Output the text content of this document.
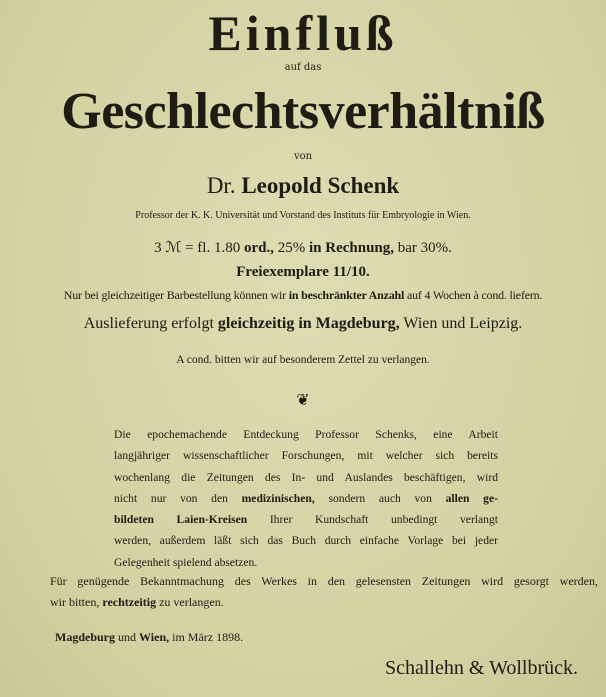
Einfluß
auf das
Geschlechtsverhältniß
von
Dr. Leopold Schenk
Professor der K. K. Universität und Vorstand des Instituts für Embryologie in Wien.
3 ℳ = fl. 1.80 ord., 25% in Rechnung, bar 30%.
Freiexemplare 11/10.
Nur bei gleichzeitiger Barbestellung können wir in beschränkter Anzahl auf 4 Wochen à cond. liefern.
Auslieferung erfolgt gleichzeitig in Magdeburg, Wien und Leipzig.
A cond. bitten wir auf besonderem Zettel zu verlangen.
❦
Die epochemachende Entdeckung Professor Schenks, eine Arbeit
langjähriger wissenschaftlicher Forschungen, mit welcher sich bereits
wochenlang die Zeitungen des In- und Auslandes beschäftigen, wird
nicht nur von den medizinischen, sondern auch von allen ge-
bildeten Laien-Kreisen Ihrer Kundschaft unbedingt verlangt
werden, außerdem läßt sich das Buch durch einfache Vorlage bei jeder
Gelegenheit spielend absetzen.
Für genügende Bekanntmachung des Werkes in den gelesensten Zeitungen wird gesorgt werden,
wir bitten, rechtzeitig zu verlangen.
Magdeburg und Wien, im März 1898.
Schallehn & Wollbrück.
